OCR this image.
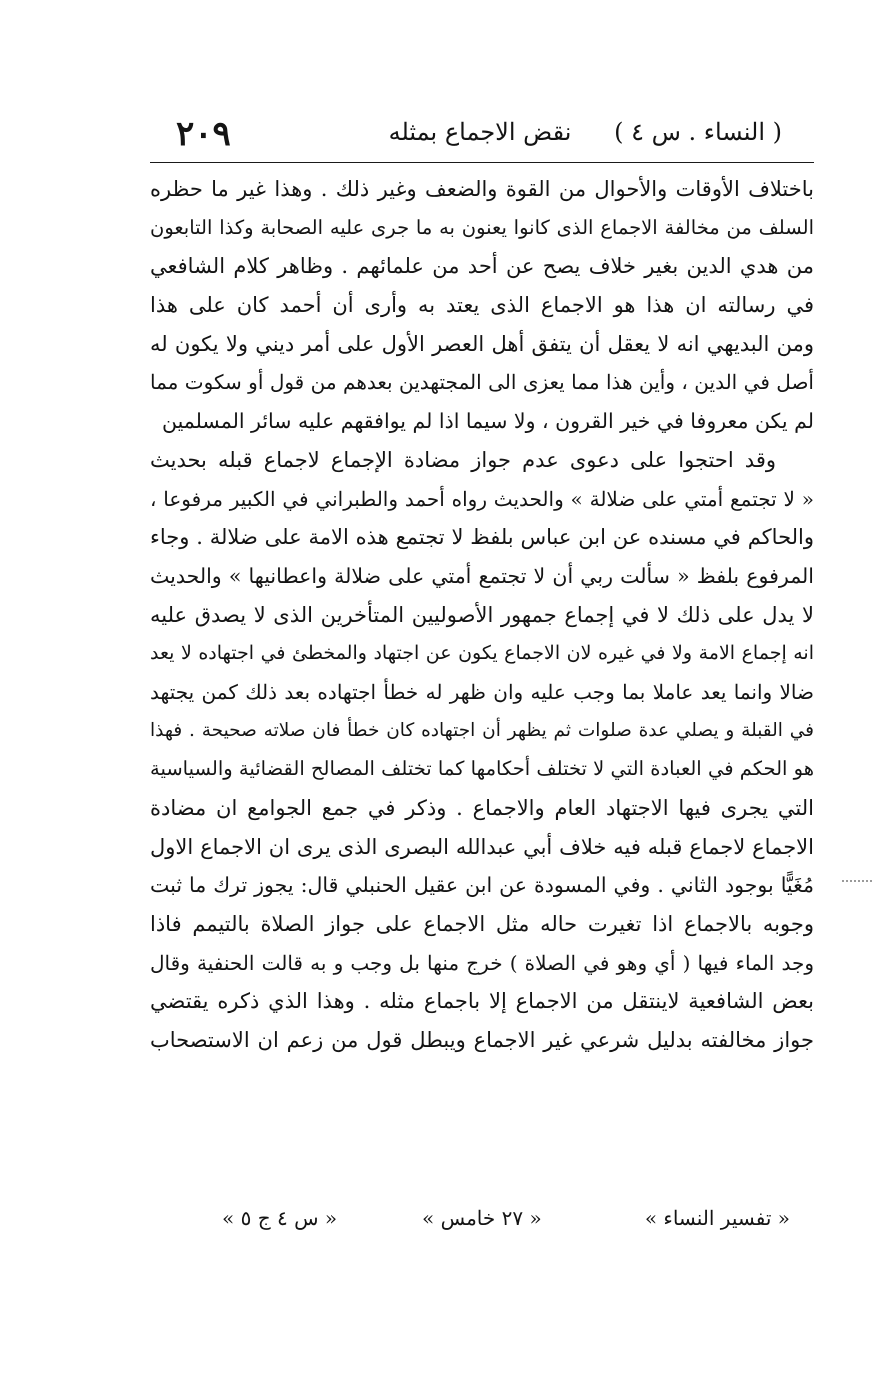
٢٠٩	نقض الاجماع بمثله	( النساء . س ٤ )
باختلاف الأوقات والأحوال من القوة والضعف وغير ذلك . وهذا غير ما حظره
السلف من مخالفة الاجماع الذى كانوا يعنون به ما جرى عليه الصحابة وكذا التابعون
من هدي الدين بغير خلاف يصح عن أحد من علمائهم . وظاهر كلام الشافعي
في رسالته ان هذا هو الاجماع الذى يعتد به وأرى أن أحمد كان على هذا
ومن البديهي انه لا يعقل أن يتفق أهل العصر الأول على أمر ديني ولا يكون له
أصل في الدين ، وأين هذا مما يعزى الى المجتهدين بعدهم من قول أو سكوت مما
لم يكن معروفا في خير القرون ، ولا سيما اذا لم يوافقهم عليه سائر المسلمين
وقد احتجوا على دعوى عدم جواز مضادة الإجماع لاجماع قبله بحديث
« لا تجتمع أمتي على ضلالة » والحديث رواه أحمد والطبراني في الكبير مرفوعا ،
والحاكم في مسنده عن ابن عباس بلفظ لا تجتمع هذه الامة على ضلالة . وجاء
المرفوع بلفظ « سألت ربي أن لا تجتمع أمتي على ضلالة واعطانيها » والحديث
لا يدل على ذلك لا في إجماع جمهور الأصوليين المتأخرين الذى لا يصدق عليه
انه إجماع الامة ولا في غيره لان الاجماع يكون عن اجتهاد والمخطئ في اجتهاده لا يعد
ضالا وانما يعد عاملا بما وجب عليه وان ظهر له خطأ اجتهاده بعد ذلك كمن يجتهد
في القبلة و يصلي عدة صلوات ثم يظهر أن اجتهاده كان خطأ فان صلاته صحيحة . فهذا
هو الحكم في العبادة التي لا تختلف أحكامها كما تختلف المصالح القضائية والسياسية
التي يجرى فيها الاجتهاد العام والاجماع . وذكر في جمع الجوامع ان مضادة
الاجماع لاجماع قبله فيه خلاف أبي عبدالله البصرى الذى يرى ان الاجماع الاول
مُغَيًّا بوجود الثاني . وفي المسودة عن ابن عقيل الحنبلي قال: يجوز ترك ما ثبت
وجوبه بالاجماع اذا تغيرت حاله مثل الاجماع على جواز الصلاة بالتيمم فاذا
وجد الماء فيها ( أي وهو في الصلاة ) خرج منها بل وجب و به قالت الحنفية وقال
بعض الشافعية لاينتقل من الاجماع إلا باجماع مثله . وهذا الذي ذكره يقتضي
جواز مخالفته بدليل شرعي غير الاجماع ويبطل قول من زعم ان الاستصحاب
« تفسير النساء »
« ٢٧ خامس »
« س ٤ ج ٥ »
